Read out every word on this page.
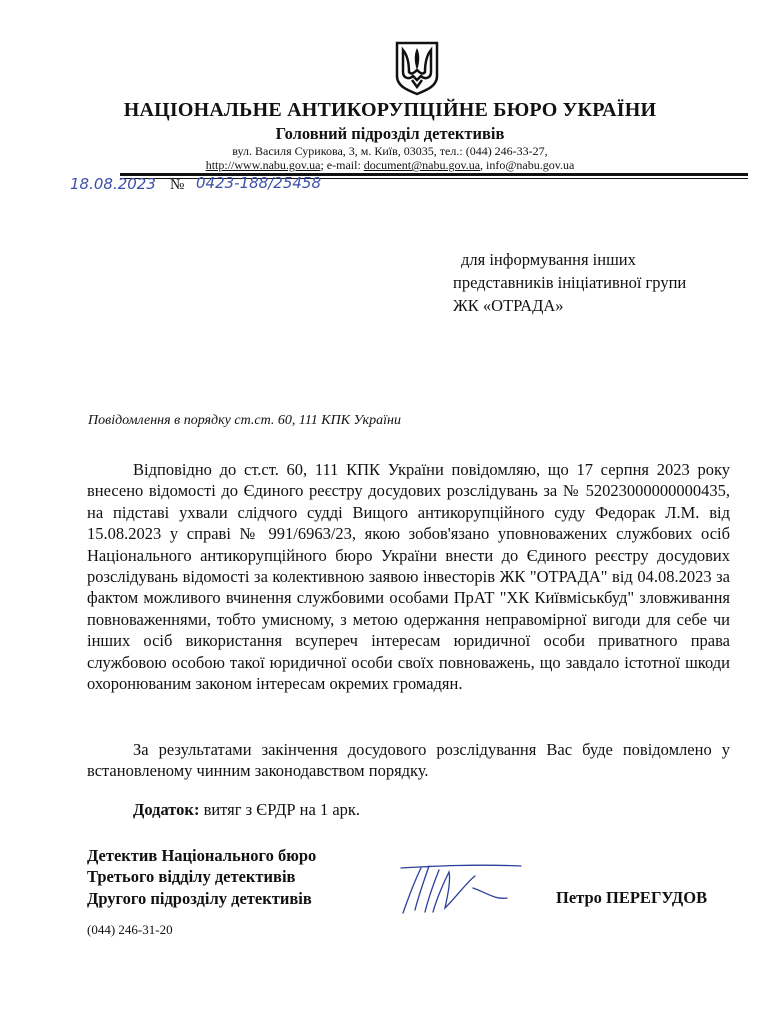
НАЦІОНАЛЬНЕ АНТИКОРУПЦІЙНЕ БЮРО УКРАЇНИ
Головний підрозділ детективів
вул. Василя Сурикова, 3, м. Київ, 03035, тел.: (044) 246-33-27,
http://www.nabu.gov.ua; e-mail: document@nabu.gov.ua, info@nabu.gov.ua
18.08.2023 № 0423-188/25458
для інформування інших
представників ініціативної групи
ЖК «ОТРАДА»
Повідомлення в порядку ст.ст. 60, 111 КПК України
Відповідно до ст.ст. 60, 111 КПК України повідомляю, що 17 серпня 2023 року внесено відомості до Єдиного реєстру досудових розслідувань за № 52023000000000435, на підставі ухвали слідчого судді Вищого антикорупційного суду Федорак Л.М. від 15.08.2023 у справі № 991/6963/23, якою зобов'язано уповноважених службових осіб Національного антикорупційного бюро України внести до Єдиного реєстру досудових розслідувань відомості за колективною заявою інвесторів ЖК "ОТРАДА" від 04.08.2023 за фактом можливого вчинення службовими особами ПрАТ "ХК Київміськбуд" зловживання повноваженнями, тобто умисному, з метою одержання неправомірної вигоди для себе чи інших осіб використання всупереч інтересам юридичної особи приватного права службовою особою такої юридичної особи своїх повноважень, що завдало істотної шкоди охоронюваним законом інтересам окремих громадян.
За результатами закінчення досудового розслідування Вас буде повідомлено у встановленому чинним законодавством порядку.
Додаток: витяг з ЄРДР на 1 арк.
Детектив Національного бюро
Третього відділу детективів
Другого підрозділу детективів	Петро ПЕРЕГУДОВ
(044) 246-31-20
